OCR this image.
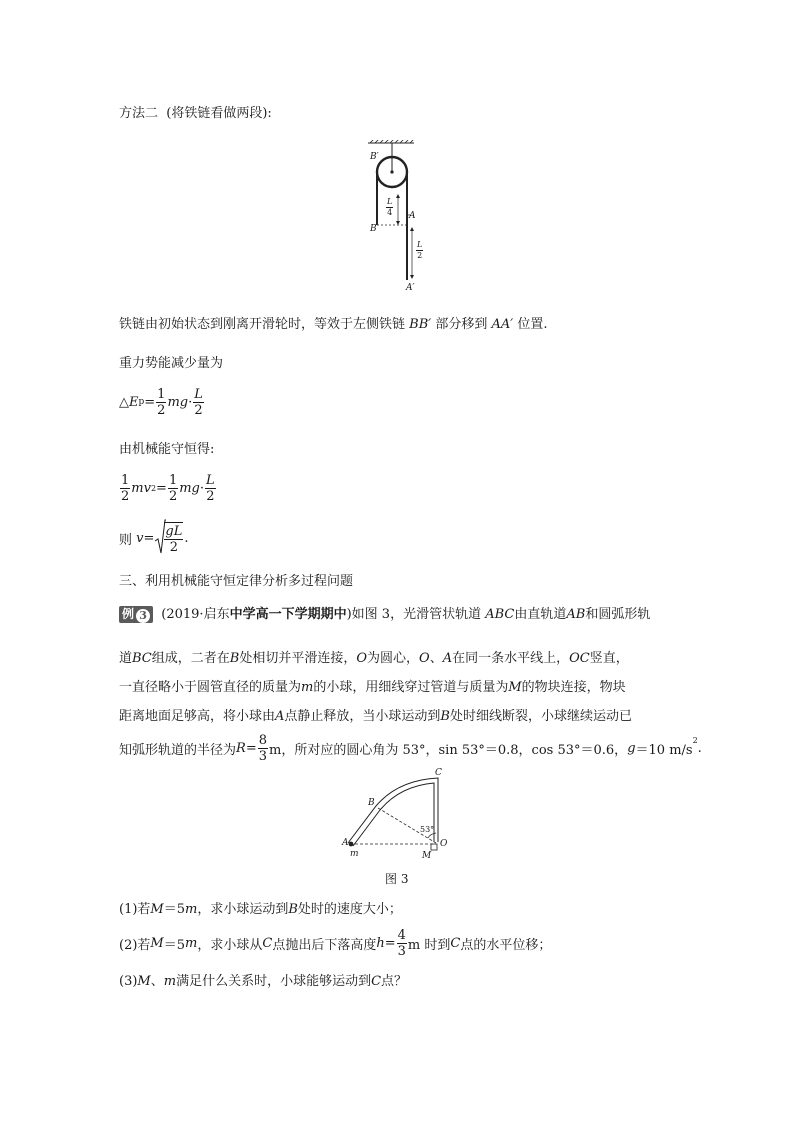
方法二 (将铁链看做两段):
B′
B
A
A′
$\frac{L}{4}$
$\frac{L}{2}$
铁链由初始状态到刚离开滑轮时，等效于左侧铁链 BB′ 部分移到 AA′ 位置.
重力势能减少量为
△ E $p = \frac{1}{2}$ mg · $\frac{L}{2}$
由机械能守恒得:
$\frac{1}{2}$ mv $2 = \frac{1}{2}$ mg · $\frac{L}{2}$
则
$v = \frac{gL}{2}$ .
三、利用机械能守恒定律分析多过程问题
例 3 (2019·启东中学高一下学期期中)如图 3，光滑管状轨道 ABC由直轨道AB和圆弧形轨
道BC组成，二者在B处相切并平滑连接，O为圆心，O、A在同一条水平线上，OC竖直，
一直径略小于圆管直径的质量为m的小球，用细线穿过管道与质量为M的物块连接，物块
距离地面足够高，将小球由A点静止释放，当小球运动到B处时细线断裂，小球继续运动已
知弧形轨道的半径为 $R = \frac{8}{3}$ m，所对应的圆心角为 53°，sin 53°＝0.8，cos 53°＝0.6， g ＝10 m/s
$^2$ .
C
B
A
m	M
O
53°
图 3
(1)若M＝5m，求小球运动到B处时的速度大小；
(2)若 M ＝5 m ，求小球从 C 点抛出后下落高度 $h = \frac{4}{3}$ m 时到 C 点的水平位移；
(3)M、m满足什么关系时，小球能够运动到C点？
